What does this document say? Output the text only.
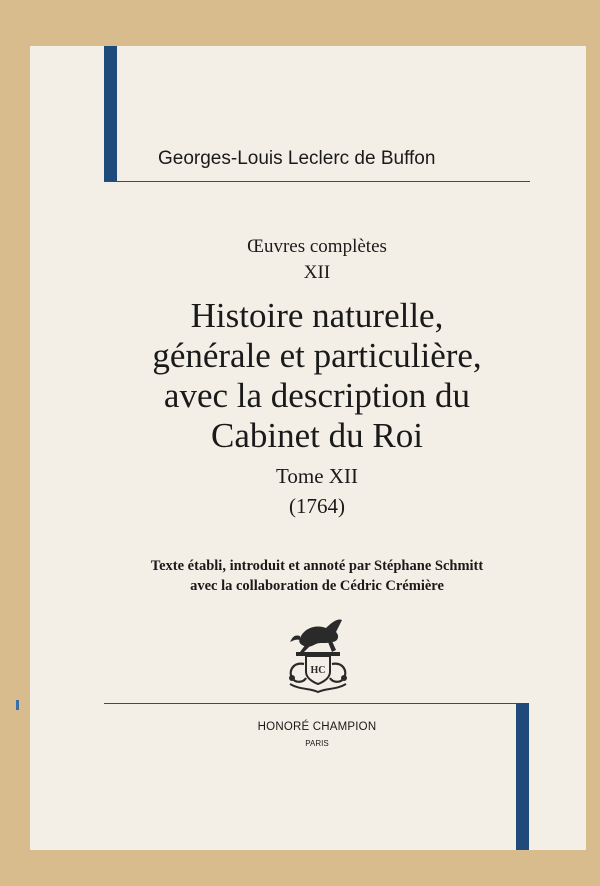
Georges-Louis Leclerc de Buffon
Œuvres complètes
XII
Histoire naturelle,
générale et particulière,
avec la description du
Cabinet du Roi
Tome XII
(1764)
Texte établi, introduit et annoté par Stéphane Schmitt
avec la collaboration de Cédric Crémière
HC
HONORÉ CHAMPION
PARIS
